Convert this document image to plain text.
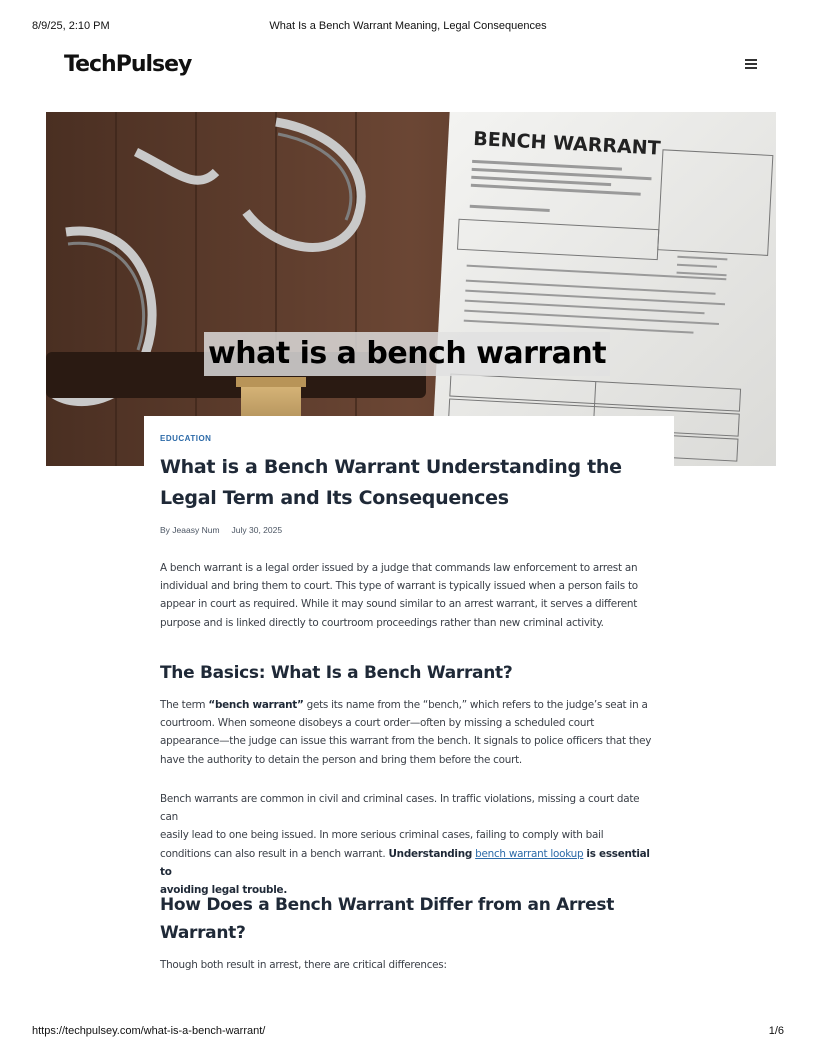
8/9/25, 2:10 PM	What Is a Bench Warrant Meaning, Legal Consequences
TechPulsey
BENCH WARRANT
what is a bench warrant
EDUCATION
What is a Bench Warrant Understanding the
Legal Term and Its Consequences
By Jeaasy Num July 30, 2025

A bench warrant is a legal order issued by a judge that commands law enforcement to arrest an
individual and bring them to court. This type of warrant is typically issued when a person fails to
appear in court as required. While it may sound similar to an arrest warrant, it serves a different
purpose and is linked directly to courtroom proceedings rather than new criminal activity.

The Basics: What Is a Bench Warrant?

The term “bench warrant” gets its name from the “bench,” which refers to the judge’s seat in a
courtroom. When someone disobeys a court order—often by missing a scheduled court
appearance—the judge can issue this warrant from the bench. It signals to police officers that they
have the authority to detain the person and bring them before the court.

Bench warrants are common in civil and criminal cases. In traffic violations, missing a court date can
easily lead to one being issued. In more serious criminal cases, failing to comply with bail
conditions can also result in a bench warrant. Understanding bench warrant lookup is essential to
avoiding legal trouble.

How Does a Bench Warrant Differ from an Arrest
Warrant?

Though both result in arrest, there are critical differences:

https://techpulsey.com/what-is-a-bench-warrant/	1/6
